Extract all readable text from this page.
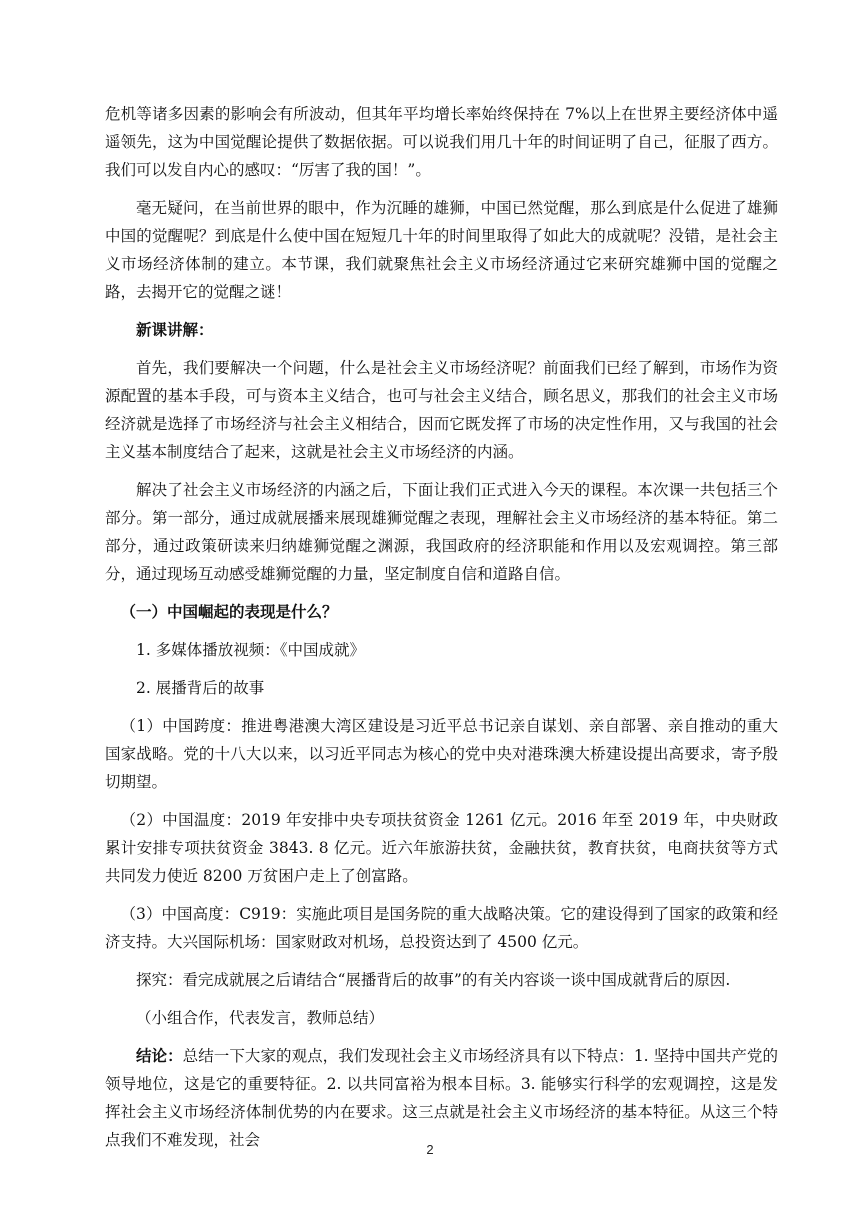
危机等诸多因素的影响会有所波动，但其年平均增长率始终保持在 7%以上在世界主要经济体中遥遥领先，这为中国觉醒论提供了数据依据。可以说我们用几十年的时间证明了自己，征服了西方。我们可以发自内心的感叹：“厉害了我的国！”。

毫无疑问，在当前世界的眼中，作为沉睡的雄狮，中国已然觉醒，那么到底是什么促进了雄狮中国的觉醒呢？到底是什么使中国在短短几十年的时间里取得了如此大的成就呢？没错，是社会主义市场经济体制的建立。本节课，我们就聚焦社会主义市场经济通过它来研究雄狮中国的觉醒之路，去揭开它的觉醒之谜！

新课讲解：

首先，我们要解决一个问题，什么是社会主义市场经济呢？前面我们已经了解到，市场作为资源配置的基本手段，可与资本主义结合，也可与社会主义结合，顾名思义，那我们的社会主义市场经济就是选择了市场经济与社会主义相结合，因而它既发挥了市场的决定性作用，又与我国的社会主义基本制度结合了起来，这就是社会主义市场经济的内涵。

解决了社会主义市场经济的内涵之后，下面让我们正式进入今天的课程。本次课一共包括三个部分。第一部分，通过成就展播来展现雄狮觉醒之表现，理解社会主义市场经济的基本特征。第二部分，通过政策研读来归纳雄狮觉醒之渊源，我国政府的经济职能和作用以及宏观调控。第三部分，通过现场互动感受雄狮觉醒的力量，坚定制度自信和道路自信。

（一）中国崛起的表现是什么？

1. 多媒体播放视频：《中国成就》

2. 展播背后的故事

（1）中国跨度：推进粤港澳大湾区建设是习近平总书记亲自谋划、亲自部署、亲自推动的重大国家战略。党的十八大以来，以习近平同志为核心的党中央对港珠澳大桥建设提出高要求，寄予殷切期望。

（2）中国温度：2019 年安排中央专项扶贫资金 1261 亿元。2016 年至 2019 年，中央财政累计安排专项扶贫资金 3843. 8 亿元。近六年旅游扶贫，金融扶贫，教育扶贫，电商扶贫等方式共同发力使近 8200 万贫困户走上了创富路。

（3）中国高度：C919：实施此项目是国务院的重大战略决策。它的建设得到了国家的政策和经济支持。大兴国际机场：国家财政对机场，总投资达到了 4500 亿元。

探究：看完成就展之后请结合“展播背后的故事”的有关内容谈一谈中国成就背后的原因.

（小组合作，代表发言，教师总结）

结论：总结一下大家的观点，我们发现社会主义市场经济具有以下特点：1. 坚持中国共产党的领导地位，这是它的重要特征。2. 以共同富裕为根本目标。3. 能够实行科学的宏观调控，这是发挥社会主义市场经济体制优势的内在要求。这三点就是社会主义市场经济的基本特征。从这三个特点我们不难发现，社会

2
